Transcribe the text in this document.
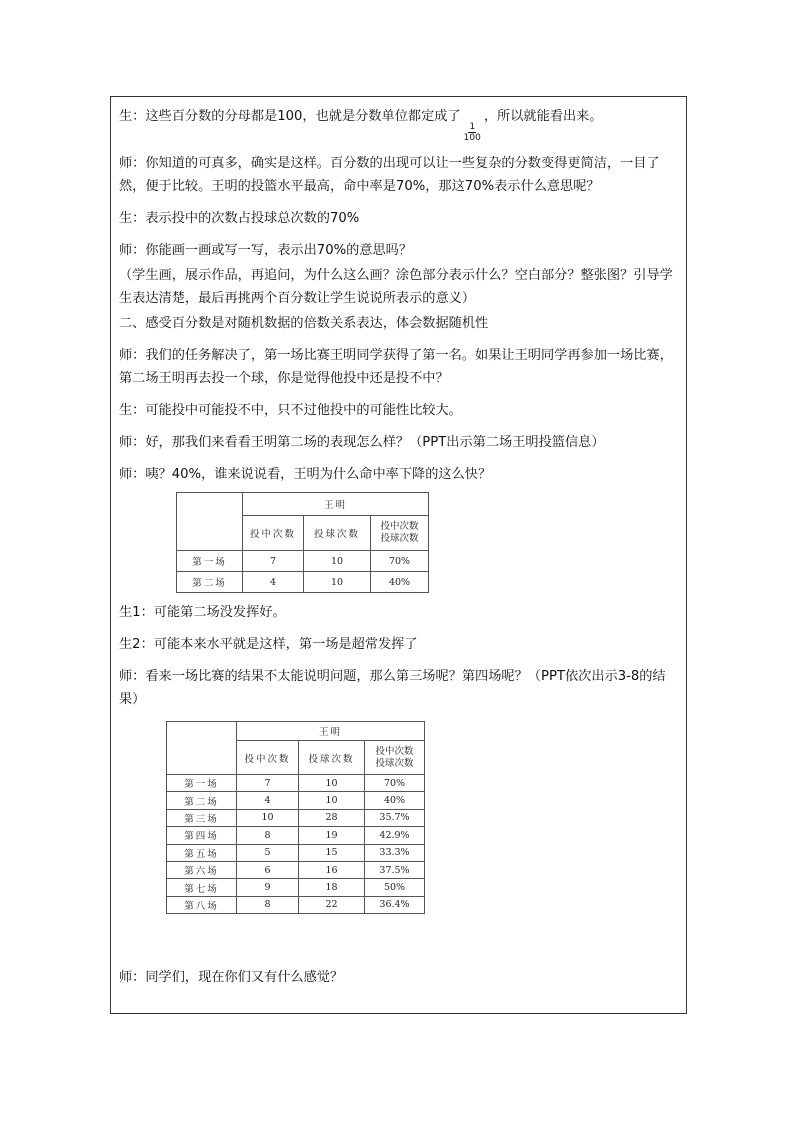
生：这些百分数的分母都是100，也就是分数单位都定成了
$\frac{1}{100}$
，所以就能看出来。

师：你知道的可真多，确实是这样。百分数的出现可以让一些复杂的分数变得更简洁，一目了然，便于比较。王明的投篮水平最高，命中率是70%，那这70%表示什么意思呢？

生：表示投中的次数占投球总次数的70%

师：你能画一画或写一写，表示出70%的意思吗？

（学生画，展示作品，再追问，为什么这么画？涂色部分表示什么？空白部分？整张图？引导学生表达清楚，最后再挑两个百分数让学生说说所表示的意义）

二、感受百分数是对随机数据的倍数关系表达，体会数据随机性

师：我们的任务解决了，第一场比赛王明同学获得了第一名。如果让王明同学再参加一场比赛，第二场王明再去投一个球，你是觉得他投中还是投不中？

生：可能投中可能投不中，只不过他投中的可能性比较大。

师：好，那我们来看看王明第二场的表现怎么样？（PPT出示第二场王明投篮信息）

师：咦？40%，谁来说说看，王明为什么命中率下降的这么快？

	王明		
	投中次数	投球次数	投中次数
投球次数

第一场	7	10	70%
第二场	4	10	40%

生1：可能第二场没发挥好。

生2：可能本来水平就是这样，第一场是超常发挥了

师：看来一场比赛的结果不太能说明问题，那么第三场呢？第四场呢？（PPT依次出示3-8的结果）

	王明		
	投中次数	投球次数	投中次数
投球次数

第一场	7	10	70%
第二场	4	10	40%
第三场	10	28	35.7%
第四场	8	19	42.9%
第五场	5	15	33.3%
第六场	6	16	37.5%
第七场	9	18	50%
第八场	8	22	36.4%

师：同学们，现在你们又有什么感觉？
